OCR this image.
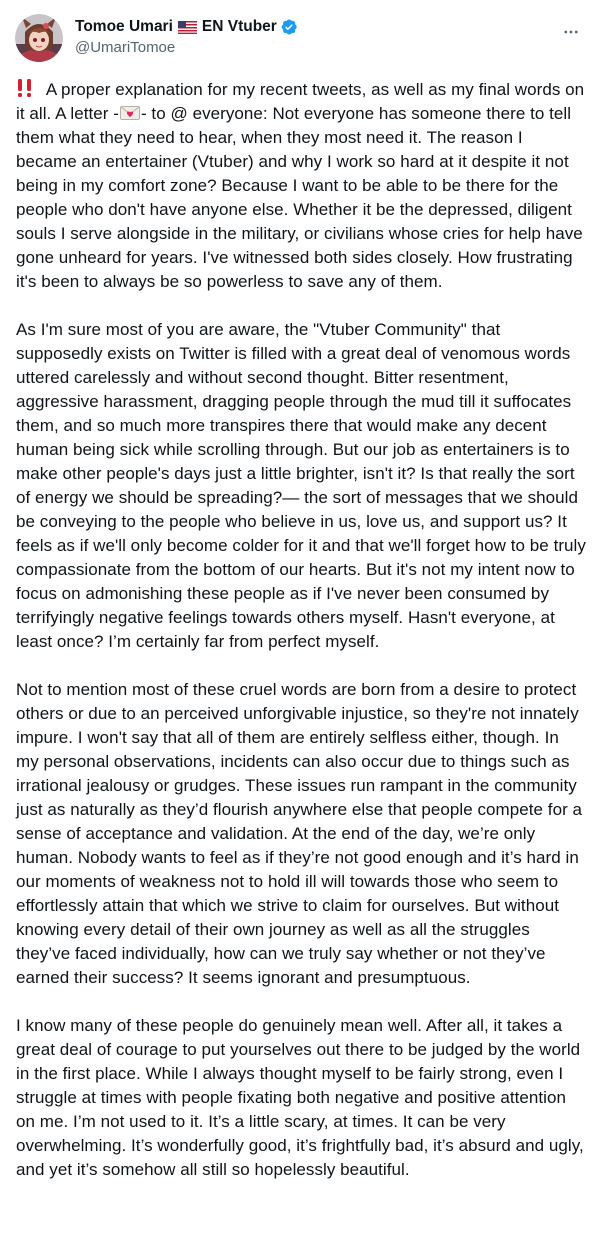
Tomoe Umari EN Vtuber
@UmariTomoe

A proper explanation for my recent tweets, as well as my final words on it all. A letter - - to @ everyone: Not everyone has someone there to tell them what they need to hear, when they most need it. The reason I became an entertainer (Vtuber) and why I work so hard at it despite it not being in my comfort zone? Because I want to be able to be there for the people who don't have anyone else. Whether it be the depressed, diligent souls I serve alongside in the military, or civilians whose cries for help have gone unheard for years. I've witnessed both sides closely. How frustrating it's been to always be so powerless to save any of them.

As I'm sure most of you are aware, the "Vtuber Community" that supposedly exists on Twitter is filled with a great deal of venomous words uttered carelessly and without second thought. Bitter resentment, aggressive harassment, dragging people through the mud till it suffocates them, and so much more transpires there that would make any decent human being sick while scrolling through. But our job as entertainers is to make other people's days just a little brighter, isn't it? Is that really the sort of energy we should be spreading?— the sort of messages that we should be conveying to the people who believe in us, love us, and support us? It feels as if we'll only become colder for it and that we'll forget how to be truly compassionate from the bottom of our hearts. But it's not my intent now to focus on admonishing these people as if I've never been consumed by terrifyingly negative feelings towards others myself. Hasn't everyone, at least once? I’m certainly far from perfect myself.

Not to mention most of these cruel words are born from a desire to protect others or due to an perceived unforgivable injustice, so they're not innately impure. I won't say that all of them are entirely selfless either, though. In my personal observations, incidents can also occur due to things such as irrational jealousy or grudges. These issues run rampant in the community just as naturally as they’d flourish anywhere else that people compete for a sense of acceptance and validation. At the end of the day, we’re only human. Nobody wants to feel as if they’re not good enough and it’s hard in our moments of weakness not to hold ill will towards those who seem to effortlessly attain that which we strive to claim for ourselves. But without knowing every detail of their own journey as well as all the struggles they’ve faced individually, how can we truly say whether or not they’ve earned their success? It seems ignorant and presumptuous.

I know many of these people do genuinely mean well. After all, it takes a great deal of courage to put yourselves out there to be judged by the world in the first place. While I always thought myself to be fairly strong, even I struggle at times with people fixating both negative and positive attention on me. I’m not used to it. It’s a little scary, at times. It can be very overwhelming. It’s wonderfully good, it’s frightfully bad, it’s absurd and ugly, and yet it’s somehow all still so hopelessly beautiful.
